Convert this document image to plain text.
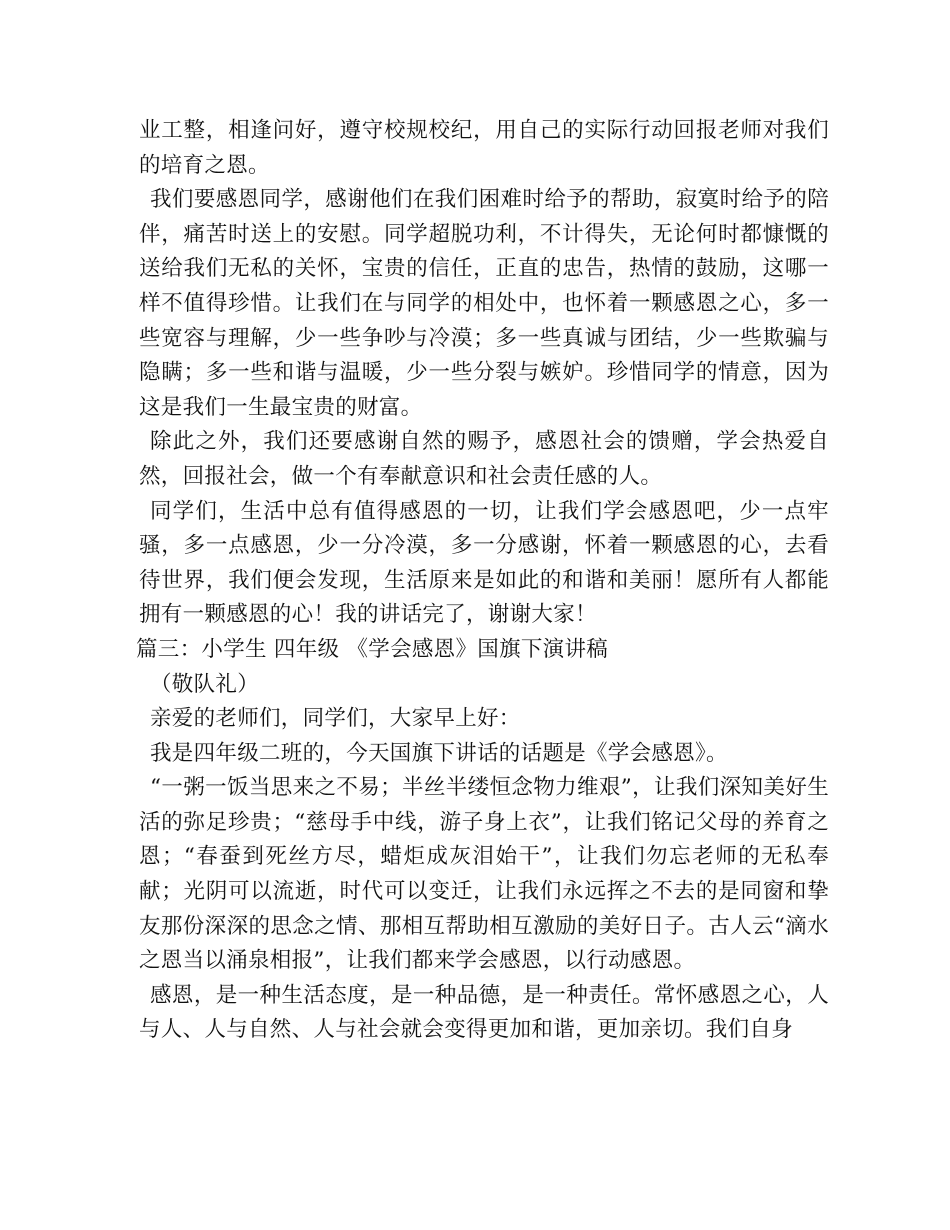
业工整，相逢问好，遵守校规校纪，用自己的实际行动回报老师对我们的培育之恩。

我们要感恩同学，感谢他们在我们困难时给予的帮助，寂寞时给予的陪伴，痛苦时送上的安慰。同学超脱功利，不计得失，无论何时都慷慨的送给我们无私的关怀，宝贵的信任，正直的忠告，热情的鼓励，这哪一样不值得珍惜。让我们在与同学的相处中，也怀着一颗感恩之心，多一些宽容与理解，少一些争吵与冷漠；多一些真诚与团结，少一些欺骗与隐瞒；多一些和谐与温暖，少一些分裂与嫉妒。珍惜同学的情意，因为这是我们一生最宝贵的财富。

除此之外，我们还要感谢自然的赐予，感恩社会的馈赠，学会热爱自然，回报社会，做一个有奉献意识和社会责任感的人。

同学们，生活中总有值得感恩的一切，让我们学会感恩吧，少一点牢骚，多一点感恩，少一分冷漠，多一分感谢，怀着一颗感恩的心，去看待世界，我们便会发现，生活原来是如此的和谐和美丽！愿所有人都能拥有一颗感恩的心！我的讲话完了，谢谢大家！

篇三：小学生 四年级 《学会感恩》国旗下演讲稿

（敬队礼）

亲爱的老师们，同学们，大家早上好：

我是四年级二班的，今天国旗下讲话的话题是《学会感恩》。

“一粥一饭当思来之不易；半丝半缕恒念物力维艰”，让我们深知美好生活的弥足珍贵；“慈母手中线，游子身上衣”，让我们铭记父母的养育之恩；“春蚕到死丝方尽，蜡炬成灰泪始干”，让我们勿忘老师的无私奉献；光阴可以流逝，时代可以变迁，让我们永远挥之不去的是同窗和挚友那份深深的思念之情、那相互帮助相互激励的美好日子。古人云“滴水之恩当以涌泉相报”，让我们都来学会感恩，以行动感恩。

感恩，是一种生活态度，是一种品德，是一种责任。常怀感恩之心，人与人、人与自然、人与社会就会变得更加和谐，更加亲切。我们自身
